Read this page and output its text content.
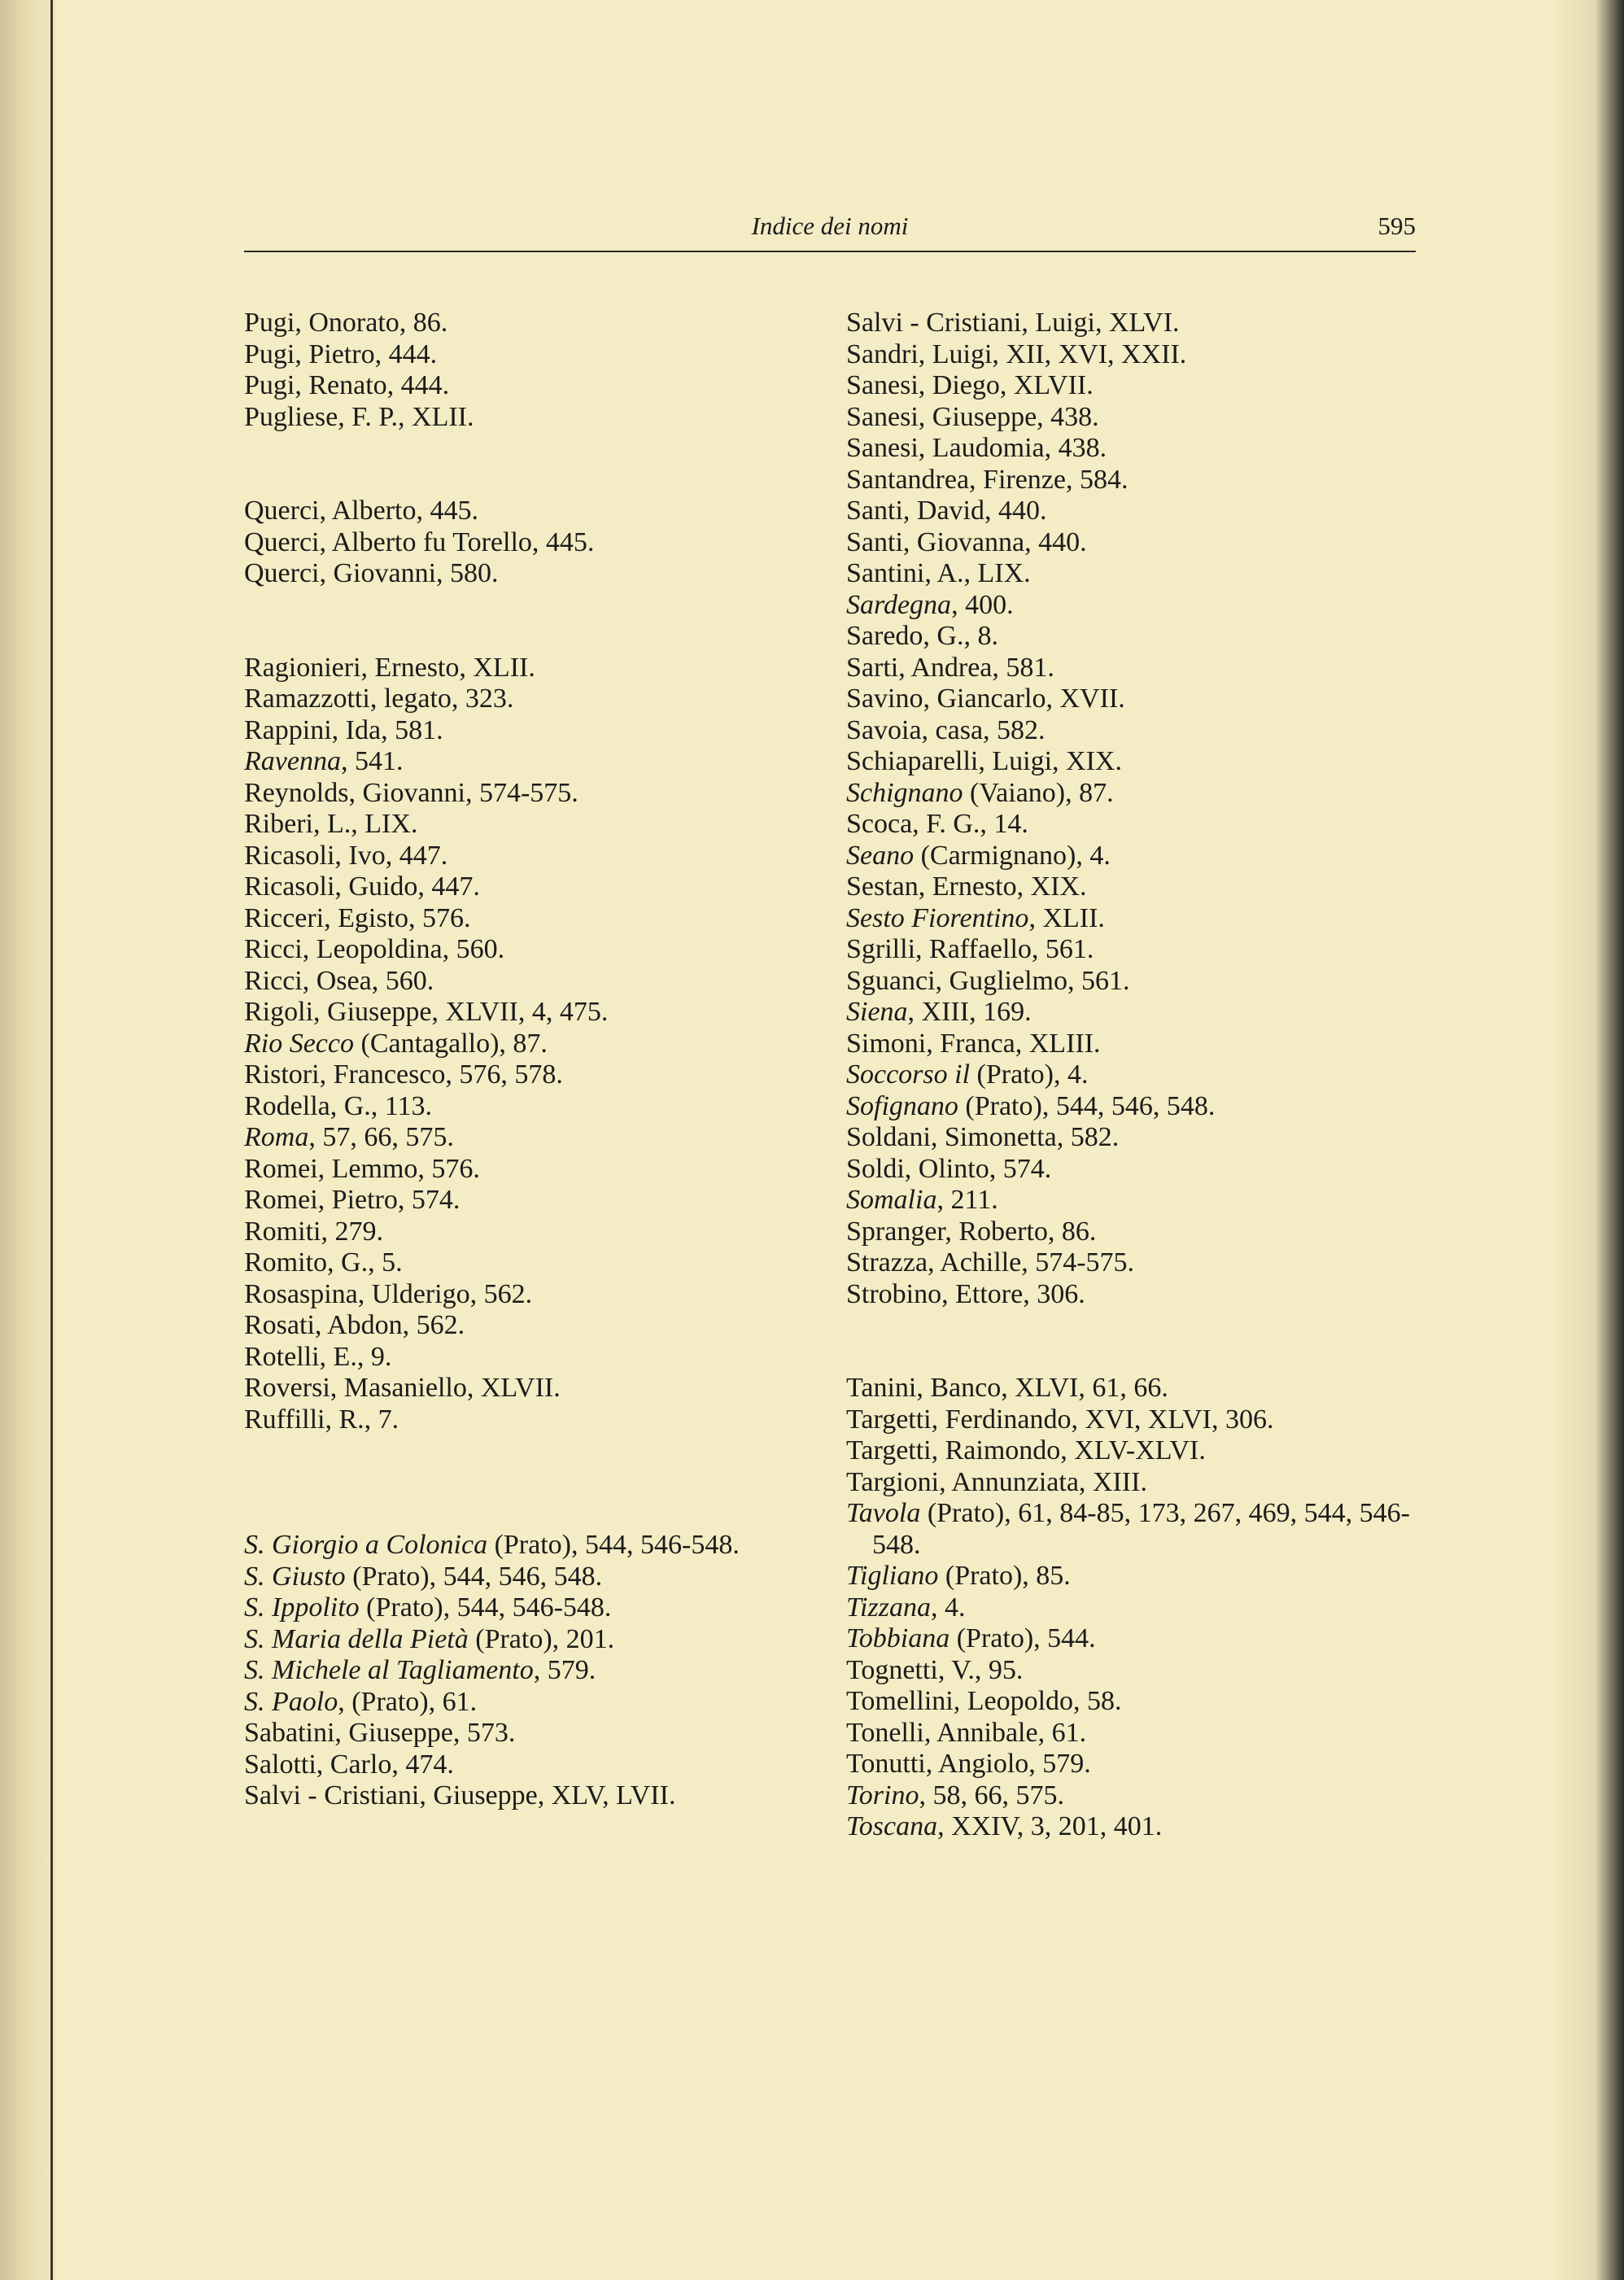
Indice dei nomi	595
Pugi, Onorato, 86.
Pugi, Pietro, 444.
Pugi, Renato, 444.
Pugliese, F. P., XLII.
Querci, Alberto, 445.
Querci, Alberto fu Torello, 445.
Querci, Giovanni, 580.
Ragionieri, Ernesto, XLII.
Ramazzotti, legato, 323.
Rappini, Ida, 581.
Ravenna, 541.
Reynolds, Giovanni, 574-575.
Riberi, L., LIX.
Ricasoli, Ivo, 447.
Ricasoli, Guido, 447.
Ricceri, Egisto, 576.
Ricci, Leopoldina, 560.
Ricci, Osea, 560.
Rigoli, Giuseppe, XLVII, 4, 475.
Rio Secco (Cantagallo), 87.
Ristori, Francesco, 576, 578.
Rodella, G., 113.
Roma, 57, 66, 575.
Romei, Lemmo, 576.
Romei, Pietro, 574.
Romiti, 279.
Romito, G., 5.
Rosaspina, Ulderigo, 562.
Rosati, Abdon, 562.
Rotelli, E., 9.
Roversi, Masaniello, XLVII.
Ruffilli, R., 7.
S. Giorgio a Colonica (Prato), 544, 546-548.
S. Giusto (Prato), 544, 546, 548.
S. Ippolito (Prato), 544, 546-548.
S. Maria della Pietà (Prato), 201.
S. Michele al Tagliamento, 579.
S. Paolo, (Prato), 61.
Sabatini, Giuseppe, 573.
Salotti, Carlo, 474.
Salvi - Cristiani, Giuseppe, XLV, LVII.
Salvi - Cristiani, Luigi, XLVI.
Sandri, Luigi, XII, XVI, XXII.
Sanesi, Diego, XLVII.
Sanesi, Giuseppe, 438.
Sanesi, Laudomia, 438.
Santandrea, Firenze, 584.
Santi, David, 440.
Santi, Giovanna, 440.
Santini, A., LIX.
Sardegna, 400.
Saredo, G., 8.
Sarti, Andrea, 581.
Savino, Giancarlo, XVII.
Savoia, casa, 582.
Schiaparelli, Luigi, XIX.
Schignano (Vaiano), 87.
Scoca, F. G., 14.
Seano (Carmignano), 4.
Sestan, Ernesto, XIX.
Sesto Fiorentino, XLII.
Sgrilli, Raffaello, 561.
Sguanci, Guglielmo, 561.
Siena, XIII, 169.
Simoni, Franca, XLIII.
Soccorso il (Prato), 4.
Sofignano (Prato), 544, 546, 548.
Soldani, Simonetta, 582.
Soldi, Olinto, 574.
Somalia, 211.
Spranger, Roberto, 86.
Strazza, Achille, 574-575.
Strobino, Ettore, 306.
Tanini, Banco, XLVI, 61, 66.
Targetti, Ferdinando, XVI, XLVI, 306.
Targetti, Raimondo, XLV-XLVI.
Targioni, Annunziata, XIII.
Tavola (Prato), 61, 84-85, 173, 267, 469, 544, 546-548.
Tigliano (Prato), 85.
Tizzana, 4.
Tobbiana (Prato), 544.
Tognetti, V., 95.
Tomellini, Leopoldo, 58.
Tonelli, Annibale, 61.
Tonutti, Angiolo, 579.
Torino, 58, 66, 575.
Toscana, XXIV, 3, 201, 401.
